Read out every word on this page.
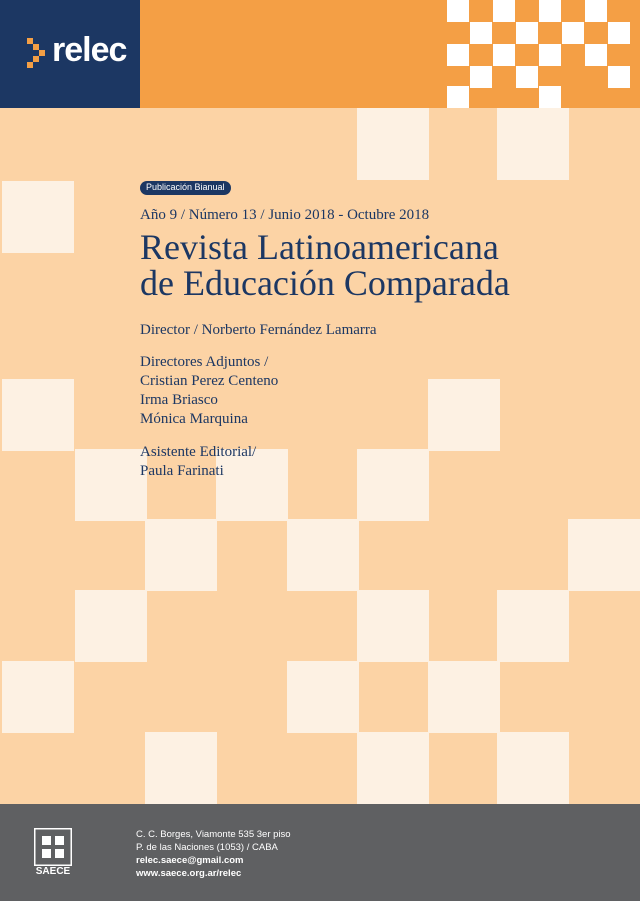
relec
Publicación Bianual
Año 9 / Número 13 / Junio 2018 - Octubre 2018
Revista Latinoamericana
de Educación Comparada
Director / Norberto Fernández Lamarra
Directores Adjuntos /
Cristian Perez Centeno
Irma Briasco
Mónica Marquina
Asistente Editorial/
Paula Farinati
SAECE
C. C. Borges, Viamonte 535 3er piso
P. de las Naciones (1053) / CABA
relec.saece@gmail.com
www.saece.org.ar/relec
